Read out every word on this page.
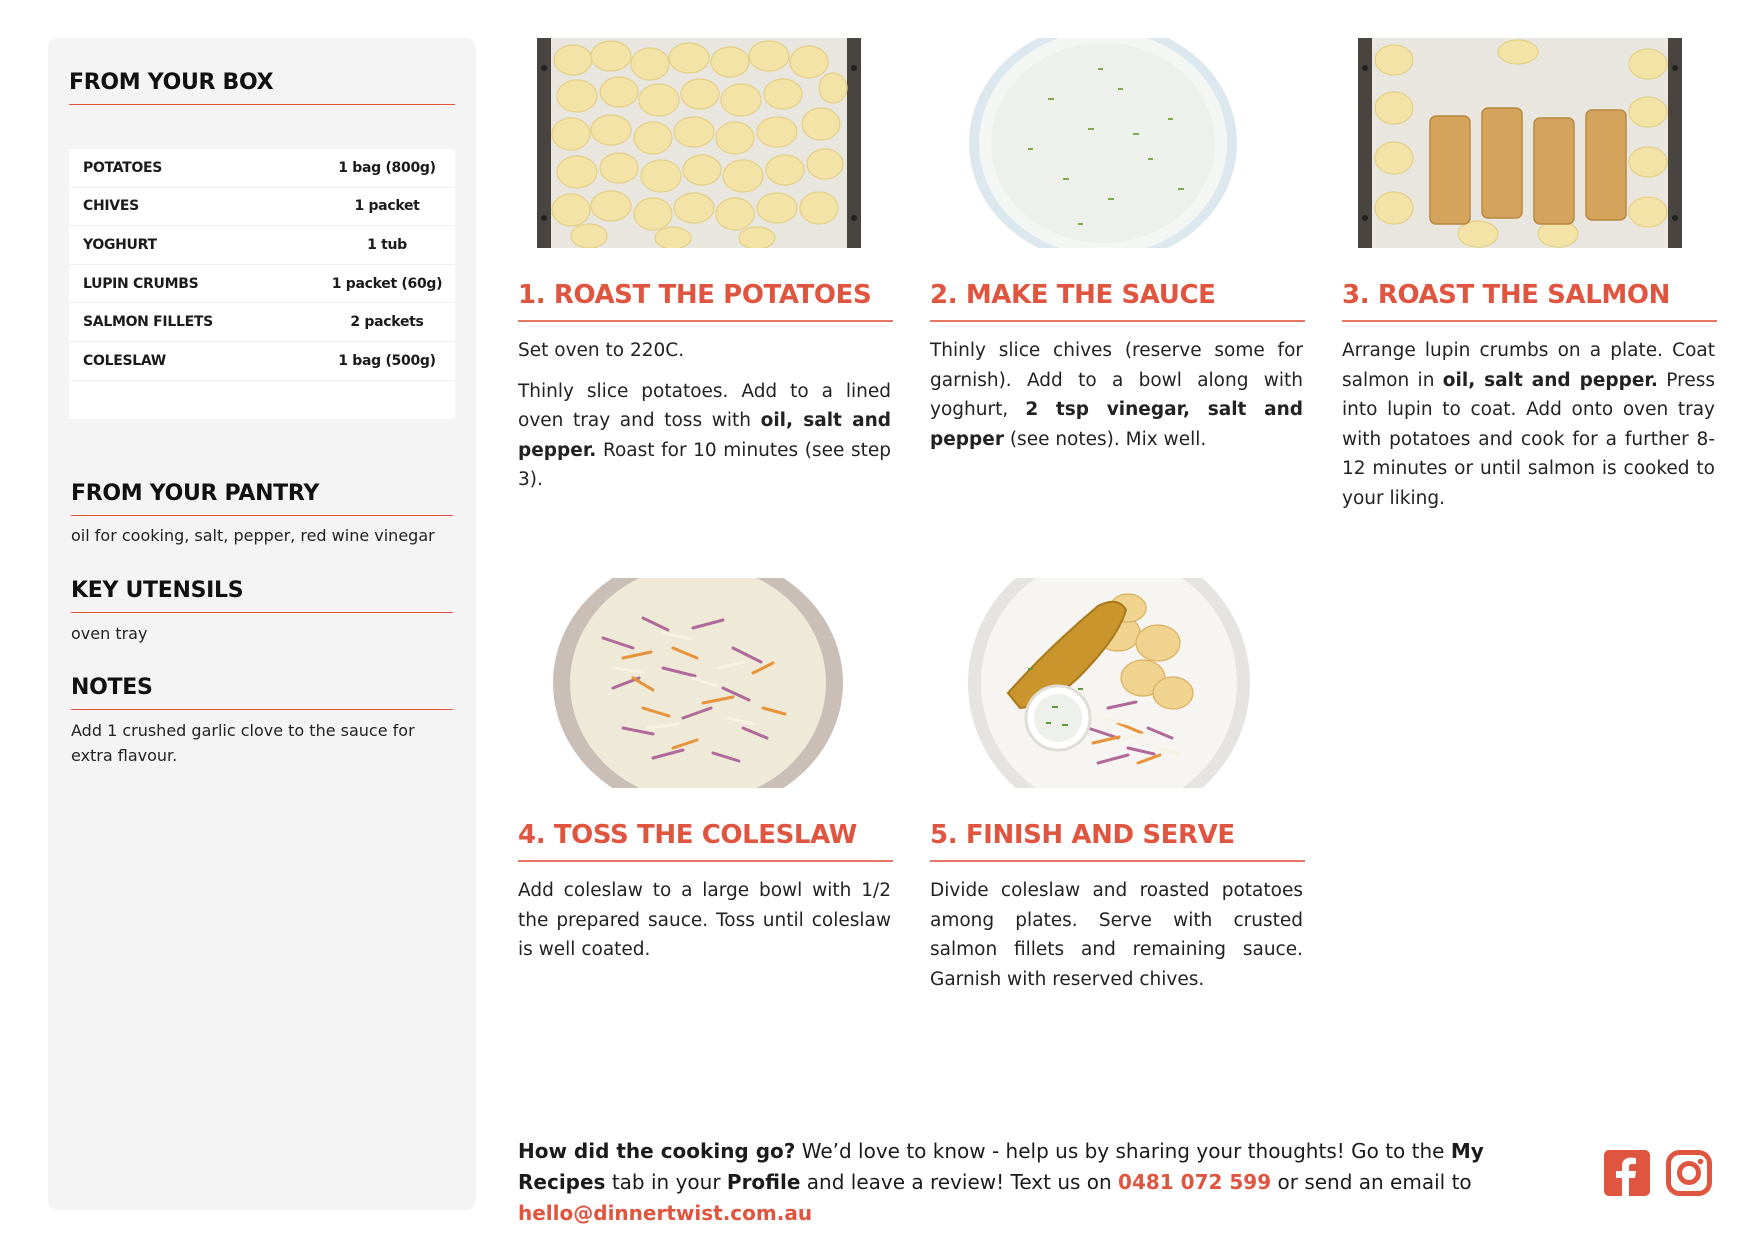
FROM YOUR BOX
POTATOES	1 bag (800g)
CHIVES	1 packet
YOGHURT	1 tub
LUPIN CRUMBS	1 packet (60g)
SALMON FILLETS	2 packets
COLESLAW	1 bag (500g)
FROM YOUR PANTRY
oil for cooking, salt, pepper, red wine vinegar
KEY UTENSILS
oven tray
NOTES
Add 1 crushed garlic clove to the sauce for extra flavour.
1. ROAST THE POTATOES

Set oven to 220C.

Thinly slice potatoes. Add to a lined oven tray and toss with oil, salt and pepper. Roast for 10 minutes (see step 3).

2. MAKE THE SAUCE

Thinly slice chives (reserve some for garnish). Add to a bowl along with yoghurt, 2 tsp vinegar, salt and pepper (see notes). Mix well.

3. ROAST THE SALMON

Arrange lupin crumbs on a plate. Coat salmon in oil, salt and pepper. Press into lupin to coat. Add onto oven tray with potatoes and cook for a further 8-12 minutes or until salmon is cooked to your liking.

4. TOSS THE COLESLAW

Add coleslaw to a large bowl with 1/2 the prepared sauce. Toss until coleslaw is well coated.

5. FINISH AND SERVE

Divide coleslaw and roasted potatoes among plates. Serve with crusted salmon fillets and remaining sauce. Garnish with reserved chives.

How did the cooking go? We’d love to know - help us by sharing your thoughts! Go to the My Recipes tab in your Profile and leave a review! Text us on 0481 072 599 or send an email to hello@dinnertwist.com.au
